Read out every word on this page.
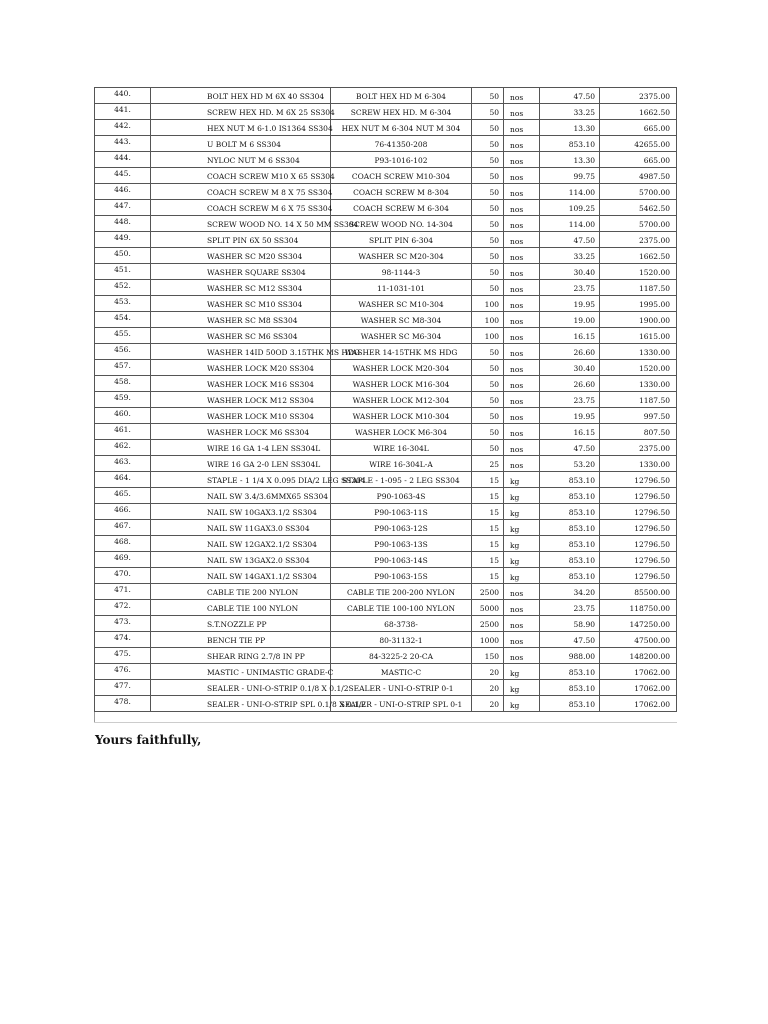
440.	BOLT HEX HD M 6X 40 SS304	BOLT HEX HD M 6-304	50	nos	47.50	2375.00
441.	SCREW HEX HD. M 6X 25 SS304	SCREW HEX HD. M 6-304	50	nos	33.25	1662.50
442.	HEX NUT M 6-1.0 IS1364 SS304	HEX NUT M 6-304 NUT M 304	50	nos	13.30	665.00
443.	U BOLT M 6 SS304	76-41350-208	50	nos	853.10	42655.00
444.	NYLOC NUT M 6 SS304	P93-1016-102	50	nos	13.30	665.00
445.	COACH SCREW M10 X 65 SS304	COACH SCREW M10-304	50	nos	99.75	4987.50
446.	COACH SCREW M 8 X 75 SS304	COACH SCREW M 8-304	50	nos	114.00	5700.00
447.	COACH SCREW M 6 X 75 SS304	COACH SCREW M 6-304	50	nos	109.25	5462.50
448.	SCREW WOOD NO. 14 X 50 MM SS304	SCREW WOOD NO. 14-304	50	nos	114.00	5700.00
449.	SPLIT PIN 6X 50 SS304	SPLIT PIN 6-304	50	nos	47.50	2375.00
450.	WASHER SC M20 SS304	WASHER SC M20-304	50	nos	33.25	1662.50
451.	WASHER SQUARE SS304	98-1144-3	50	nos	30.40	1520.00
452.	WASHER SC M12 SS304	11-1031-101	50	nos	23.75	1187.50
453.	WASHER SC M10 SS304	WASHER SC M10-304	100	nos	19.95	1995.00
454.	WASHER SC M8 SS304	WASHER SC M8-304	100	nos	19.00	1900.00
455.	WASHER SC M6 SS304	WASHER SC M6-304	100	nos	16.15	1615.00
456.	WASHER 14ID 50OD 3.15THK MS HDG	WASHER 14-15THK MS HDG	50	nos	26.60	1330.00
457.	WASHER LOCK M20 SS304	WASHER LOCK M20-304	50	nos	30.40	1520.00
458.	WASHER LOCK M16 SS304	WASHER LOCK M16-304	50	nos	26.60	1330.00
459.	WASHER LOCK M12 SS304	WASHER LOCK M12-304	50	nos	23.75	1187.50
460.	WASHER LOCK M10 SS304	WASHER LOCK M10-304	50	nos	19.95	997.50
461.	WASHER LOCK M6 SS304	WASHER LOCK M6-304	50	nos	16.15	807.50
462.	WIRE 16 GA 1-4 LEN SS304L	WIRE 16-304L	50	nos	47.50	2375.00
463.	WIRE 16 GA 2-0 LEN SS304L	WIRE 16-304L-A	25	nos	53.20	1330.00
464.	STAPLE - 1 1/4 X 0.095 DIA/2 LEG SS304	STAPLE - 1-095 - 2 LEG SS304	15	kg	853.10	12796.50
465.	NAIL SW 3.4/3.6MMX65 SS304	P90-1063-4S	15	kg	853.10	12796.50
466.	NAIL SW 10GAX3.1/2 SS304	P90-1063-11S	15	kg	853.10	12796.50
467.	NAIL SW 11GAX3.0 SS304	P90-1063-12S	15	kg	853.10	12796.50
468.	NAIL SW 12GAX2.1/2 SS304	P90-1063-13S	15	kg	853.10	12796.50
469.	NAIL SW 13GAX2.0 SS304	P90-1063-14S	15	kg	853.10	12796.50
470.	NAIL SW 14GAX1.1/2 SS304	P90-1063-15S	15	kg	853.10	12796.50
471.	CABLE TIE 200 NYLON	CABLE TIE 200-200 NYLON	2500	nos	34.20	85500.00
472.	CABLE TIE 100 NYLON	CABLE TIE 100-100 NYLON	5000	nos	23.75	118750.00
473.	S.T.NOZZLE PP	68-3738-	2500	nos	58.90	147250.00
474.	BENCH TIE PP	80-31132-1	1000	nos	47.50	47500.00
475.	SHEAR RING 2.7/8 IN PP	84-3225-2 20-CA	150	nos	988.00	148200.00
476.	MASTIC - UNIMASTIC GRADE-C	MASTIC-C	20	kg	853.10	17062.00
477.	SEALER - UNI-O-STRIP 0.1/8 X 0.1/2	SEALER - UNI-O-STRIP 0-1	20	kg	853.10	17062.00
478.	SEALER - UNI-O-STRIP SPL 0.1/8 X 0.1/2	SEALER - UNI-O-STRIP SPL 0-1	20	kg	853.10	17062.00

Yours faithfully,
